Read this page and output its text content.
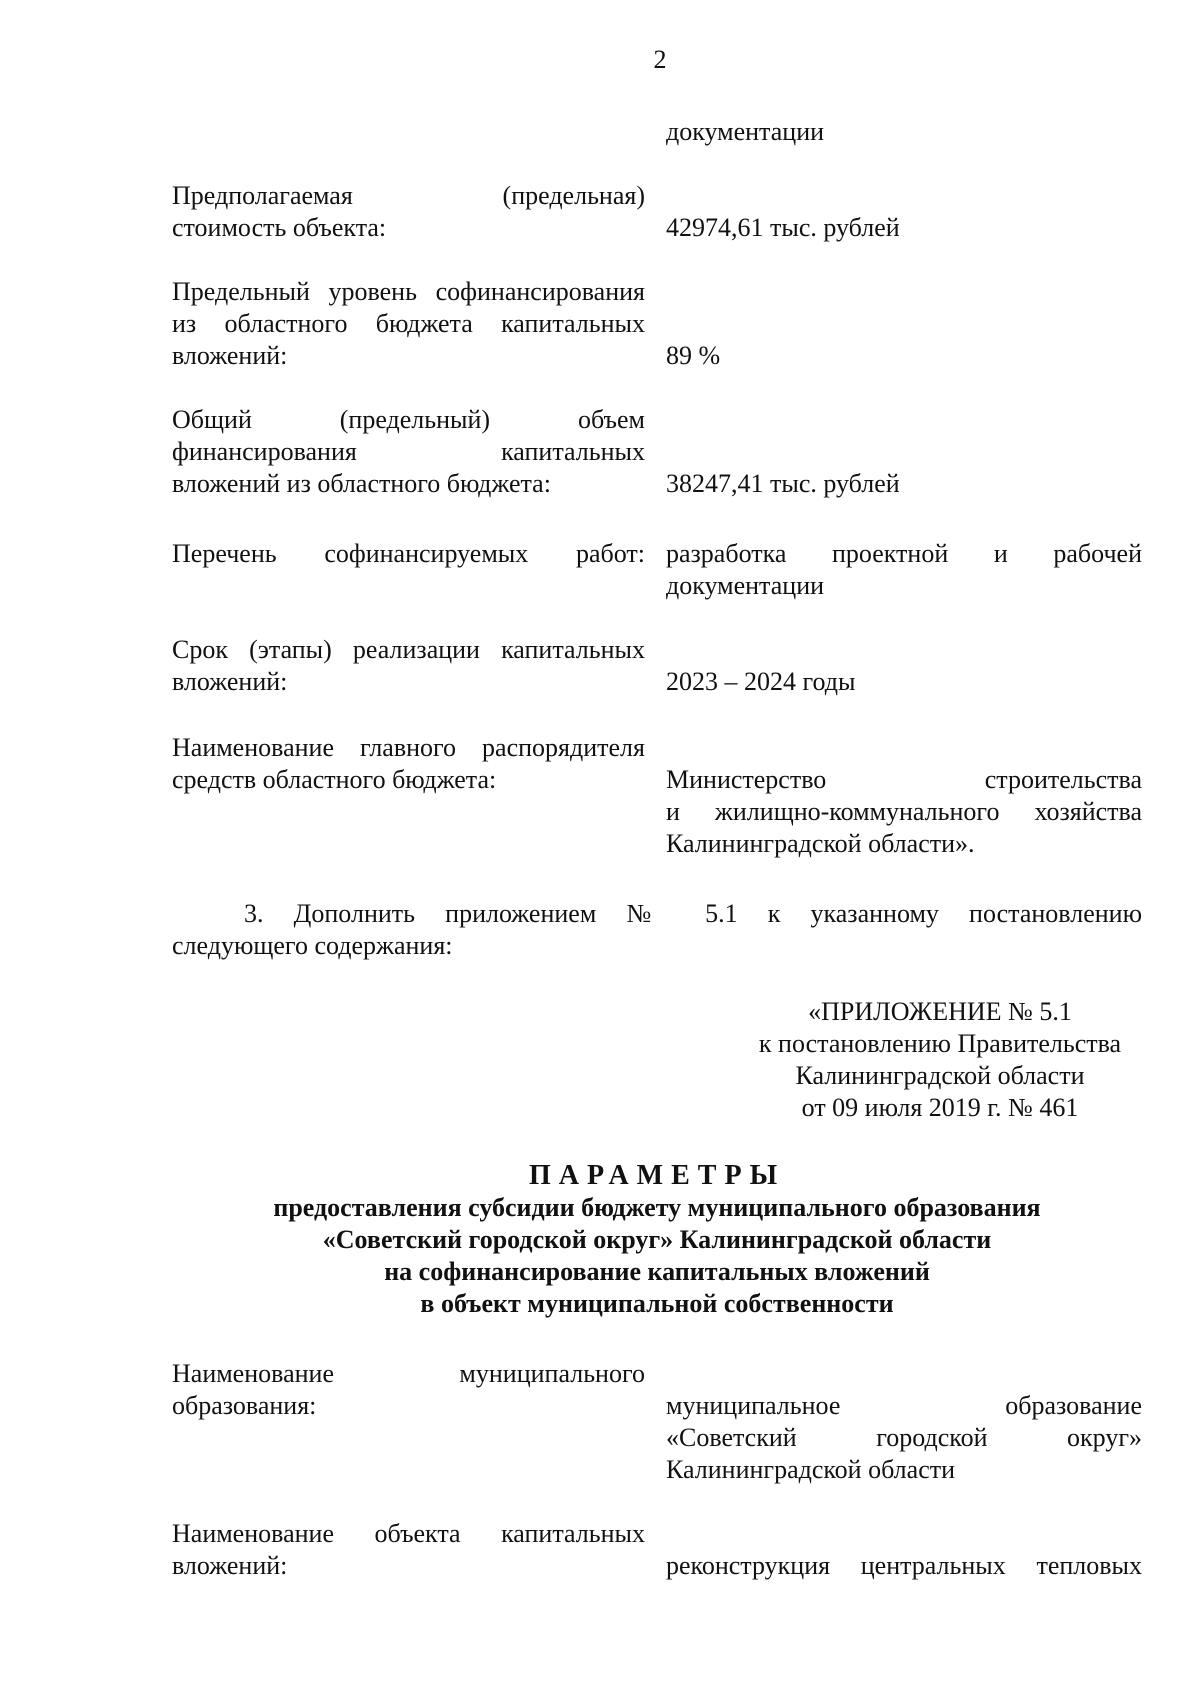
2
документации
Предполагаемая (предельная)
стоимость объекта:	42974,61 тыс. рублей
Предельный уровень софинансирования
из областного бюджета капитальных
вложений:	89 %
Общий (предельный) объем
финансирования капитальных
вложений из областного бюджета:	38247,41 тыс. рублей
Перечень софинансируемых работ: разработка проектной и рабочей
документации
Срок (этапы) реализации капитальных
вложений:	2023 – 2024 годы
Наименование главного распорядителя
средств областного бюджета:	Министерство строительства
и жилищно-коммунального хозяйства
Калининградской области».
3. Дополнить приложением № 5.1 к указанному постановлению
следующего содержания:
«ПРИЛОЖЕНИЕ № 5.1
к постановлению Правительства
Калининградской области
от 09 июля 2019 г. № 461
ПАРАМЕТРЫ
предоставления субсидии бюджету муниципального образования
«Советский городской округ» Калининградской области
на софинансирование капитальных вложений
в объект муниципальной собственности
Наименование муниципального
образования:	муниципальное образование
«Советский городской округ»
Калининградской области
Наименование объекта капитальных
вложений:	реконструкция центральных тепловых
